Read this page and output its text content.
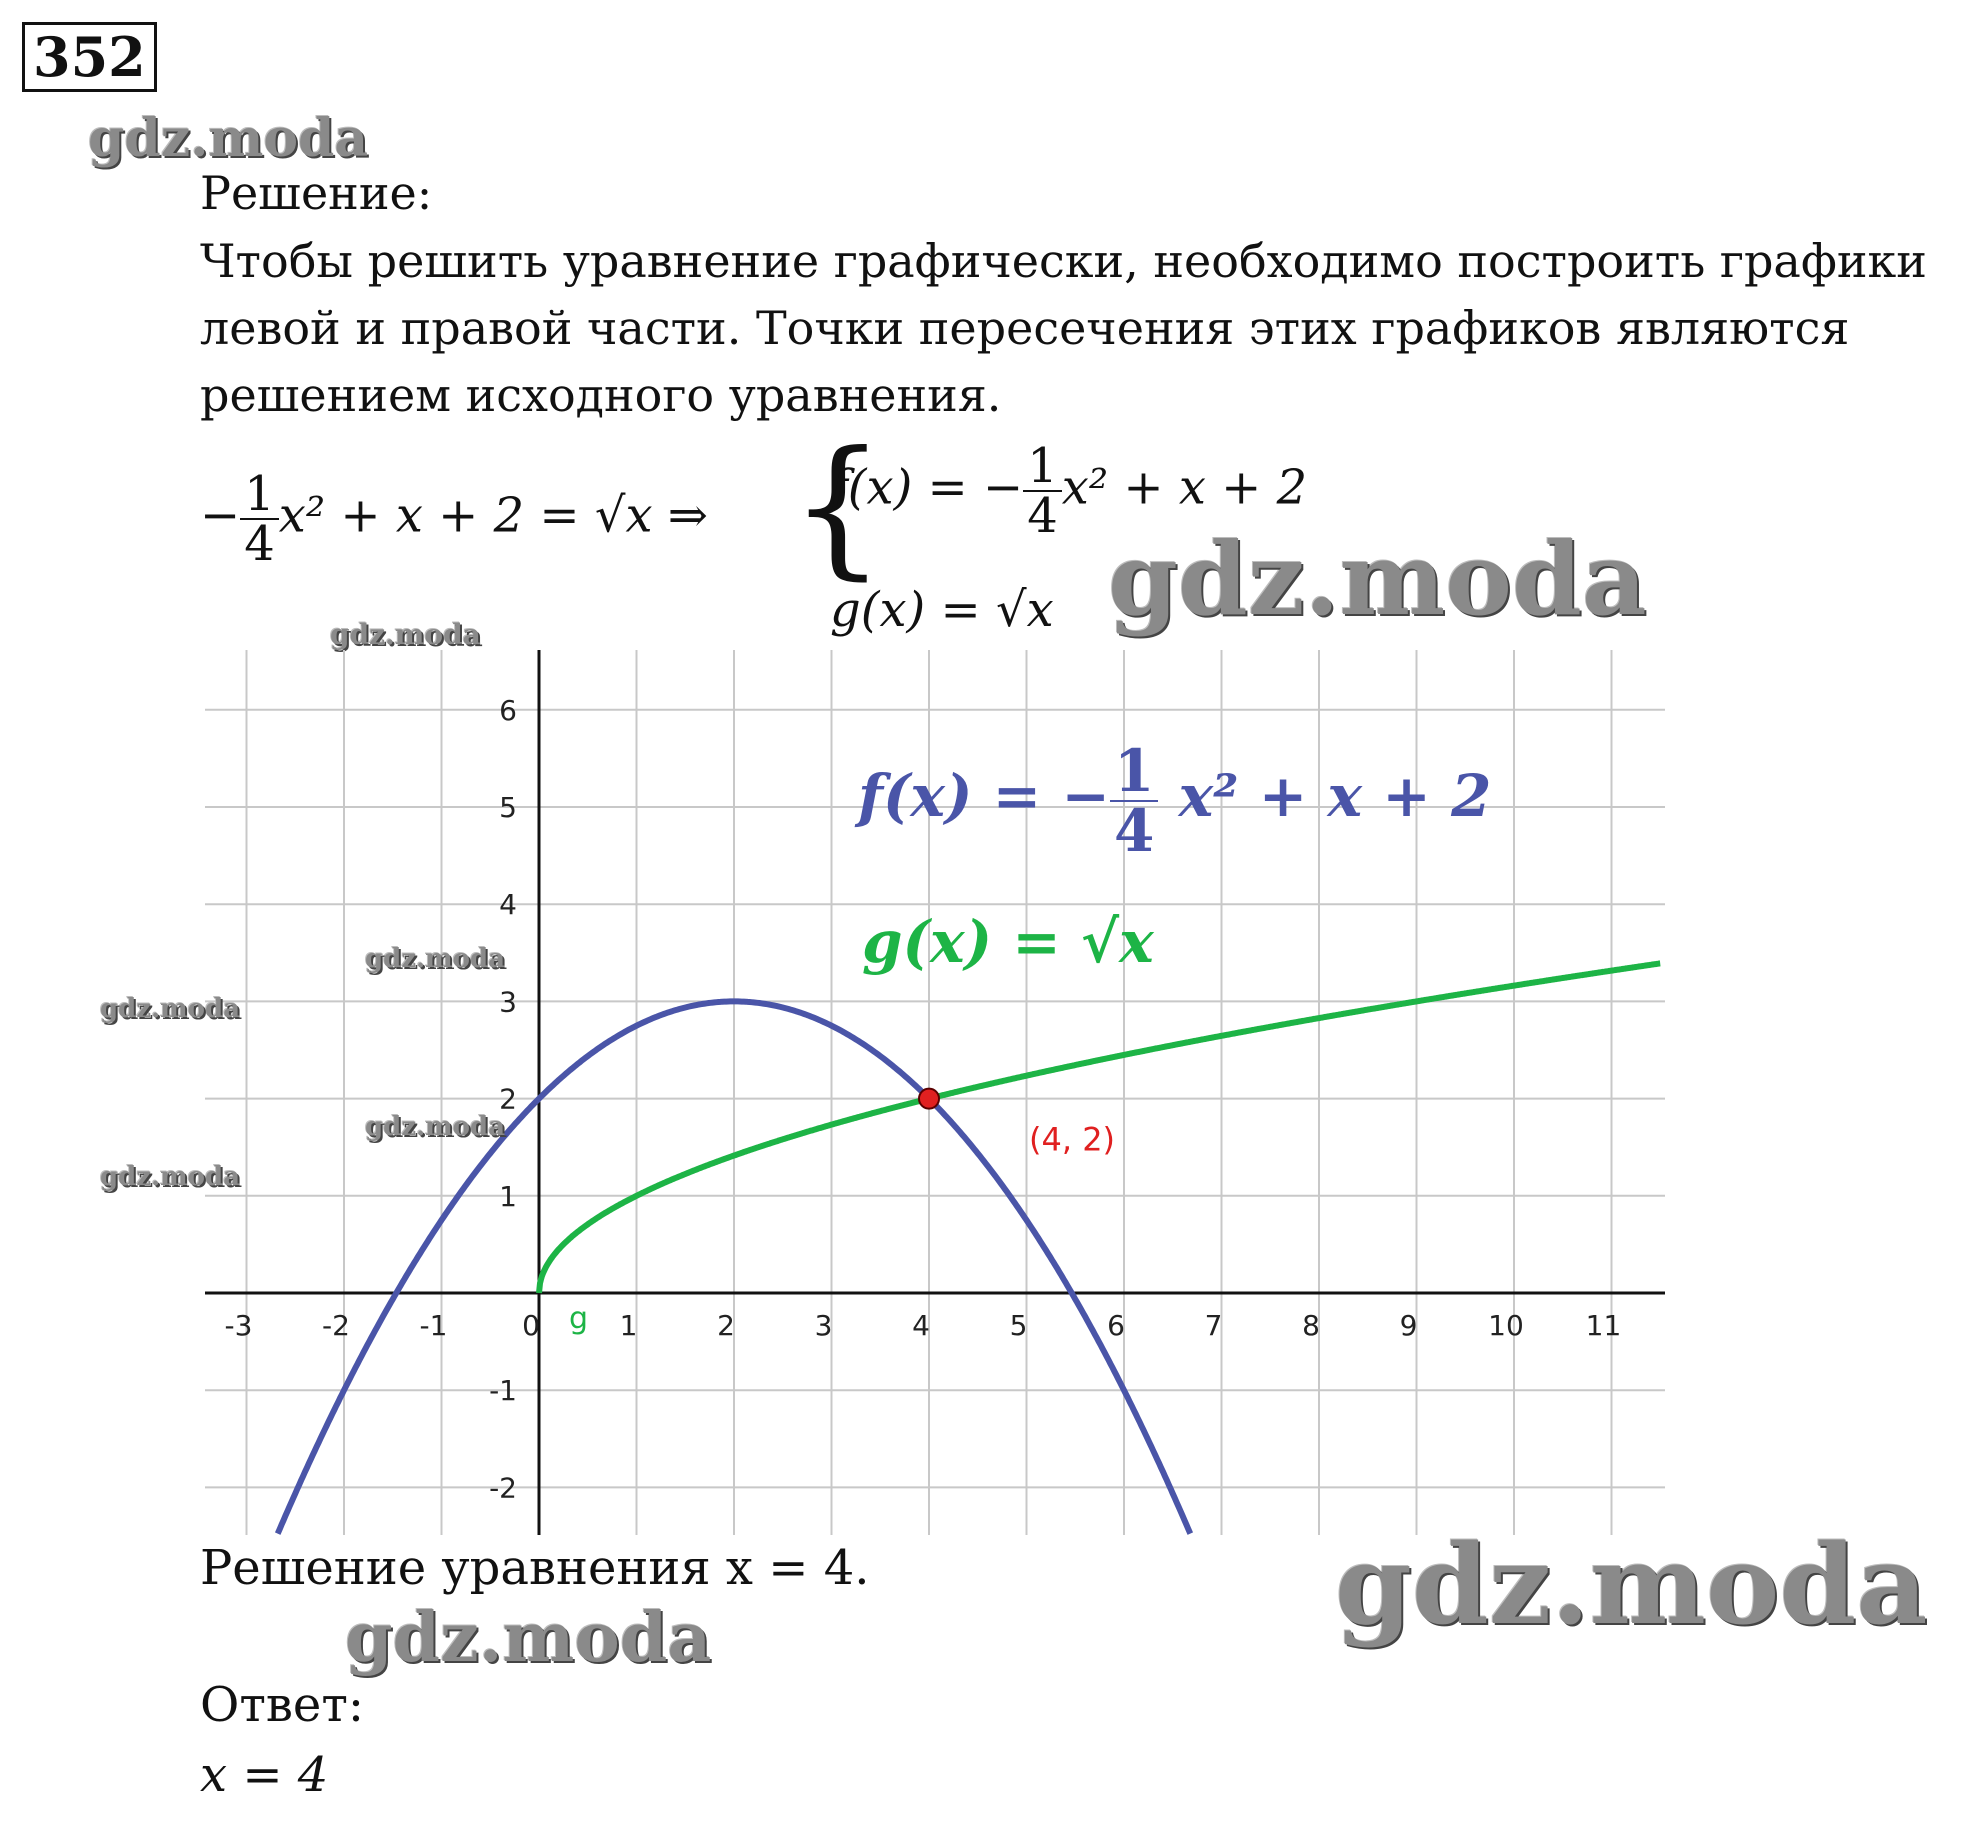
352
gdz.moda
Решение:
Чтобы решить уравнение графически, необходимо построить графики
левой и правой части. Точки пересечения этих графиков являются
решением исходного уравнения.
− $\frac{1}{4} x^2 + x + 2 = √x$ ⇒ {
f(x) = − $\frac{1}{4} x^2 + x + 2$
g(x) = √x gdz.moda
gdz.moda
-3 -2 -1	0	1	2	3	4	5	6	7	8	9	10 11
-2
-1
1
2
3
4
5
6
(4, 2)
g
f(x) = − $\frac{1}{4} x^2 + x + 2$
g(x) = √x
gdz.moda
gdz.moda
gdz.moda
gdz.moda
Решение уравнения x = 4.	gdz.moda
gdz.moda
Ответ:
x = 4
